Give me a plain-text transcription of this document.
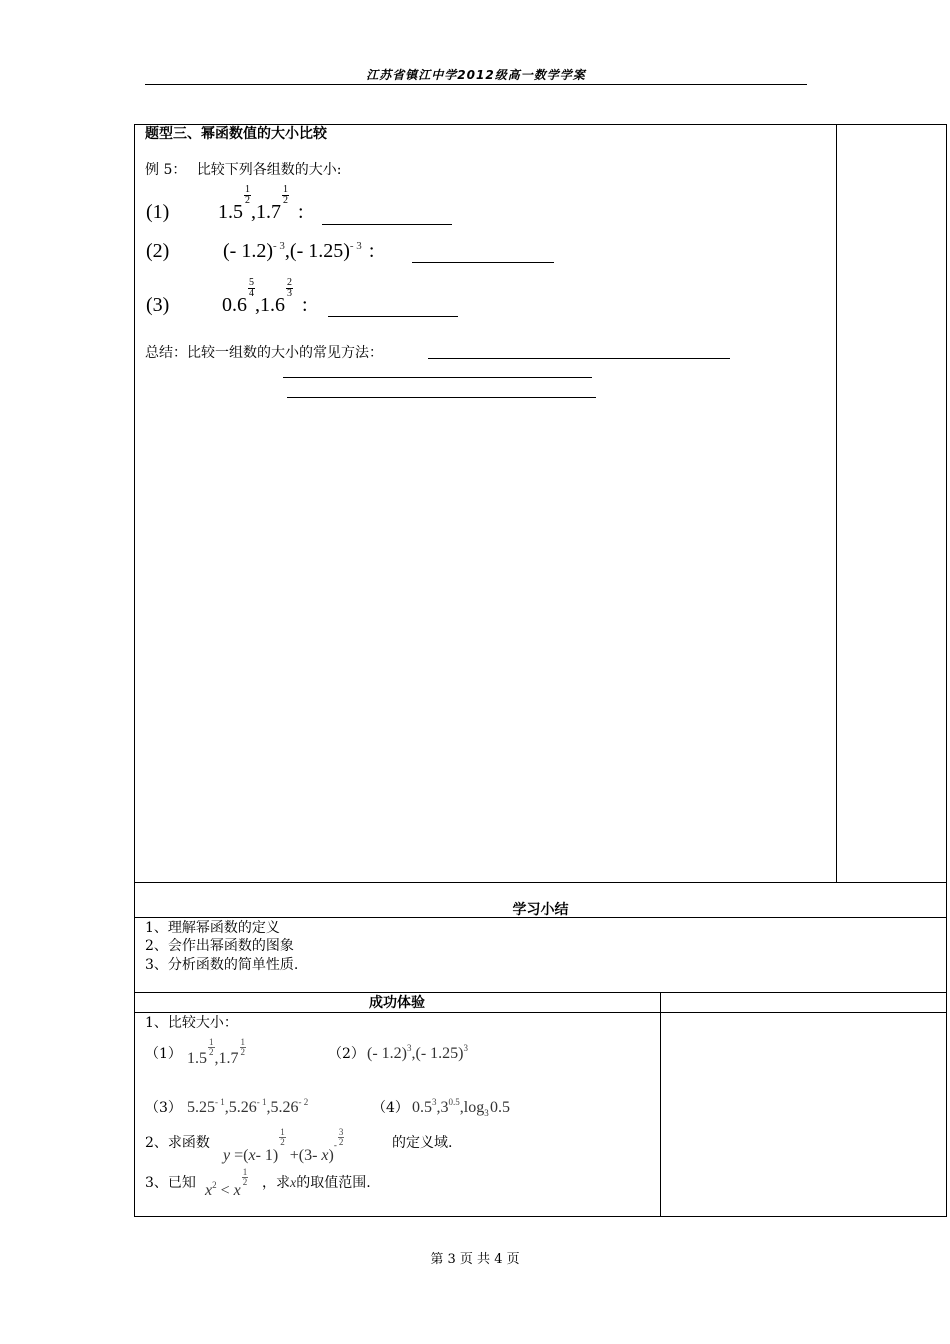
江苏省镇江中学2012级高一数学学案
题型三、幂函数值的大小比较
例 5： 比较下列各组数的大小:
(1) 1.5
$\frac{1}{2}$
,1.7
$\frac{1}{2}$
:
(2)	(- 1.2)$^{- 3}$,(- 1.25)$^{- 3}$ :
(3)	0.6
$\frac{5}{4}$
,1.6
$\frac{2}{3}$
:
总结：比较一组数的大小的常见方法：
学习小结
1、理解幂函数的定义
2、会作出幂函数的图象
3、分析函数的简单性质.
成功体验
1、比较大小：
（1） 1.5
$\frac{1}{2}$
,1.7
$\frac{1}{2}$	（2） (- 1.2)$^3$,(- 1.25)$^3$
（3） $5.25^{- 1},5.26^{- 1},5.26^{- 2}$	（4） $0.5^3,3^{0.5},\log_3$ 0.5
2、求函数
y =(x- 1)
$\frac{1}{2}$
+(3- $x)^- \frac{3}{2}$	的定义域.
3、已知 $x^2 < x$
$\frac{1}{2}$ ，求x的取值范围.
第 3 页 共 4 页
